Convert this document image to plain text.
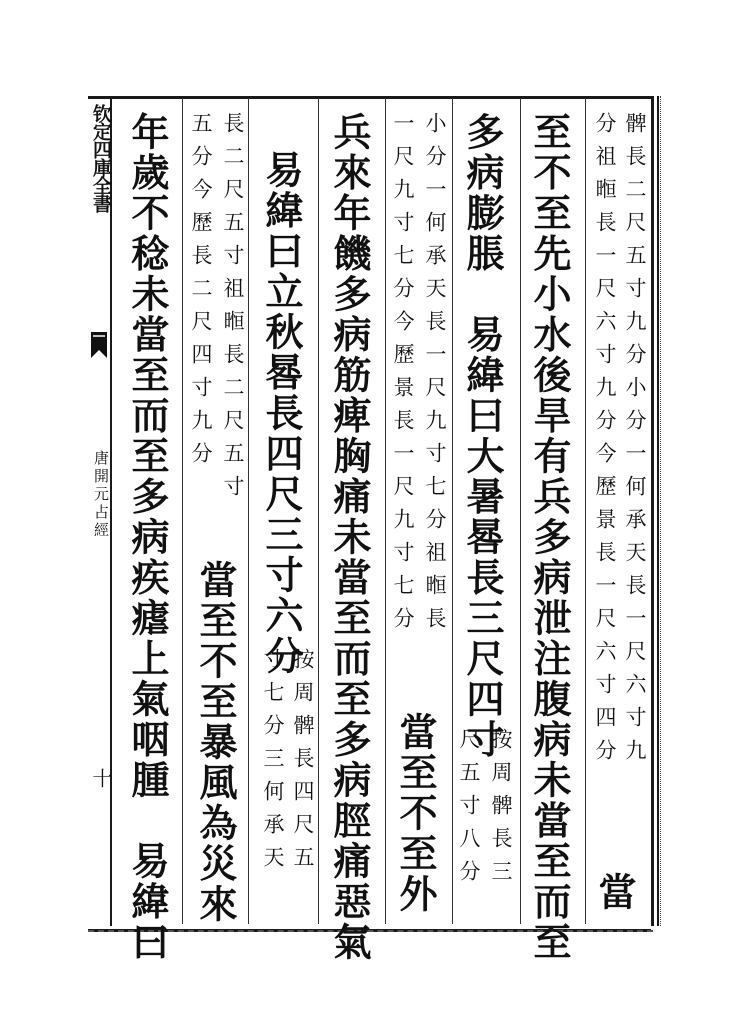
钦定四庫全書
唐開元占經
十
髀長二尺五寸九分小分一何承天長一尺六寸九
分祖暅長一尺六寸九分今歷景長一尺六寸四分
當
至不至先小水後旱有兵多病泄注腹病未當至而至
多病膨脹　易緯曰大暑晷長三尺四寸
按周髀長三
尺五寸八分
小分一何承天長一尺九寸七分祖暅長
一尺九寸七分今歷景長一尺九寸七分
當至不至外
兵來年饑多病筋痺胸痛未當至而至多病脛痛惡氣
易緯曰立秋晷長四尺三寸六分
按周髀長四尺五
寸七分三何承天
長二尺五寸祖暅長二尺五寸
五分今歷長二尺四寸九分
當至不至暴風為災來
年歲不稔未當至而至多病疾瘧上氣咽腫　易緯曰
